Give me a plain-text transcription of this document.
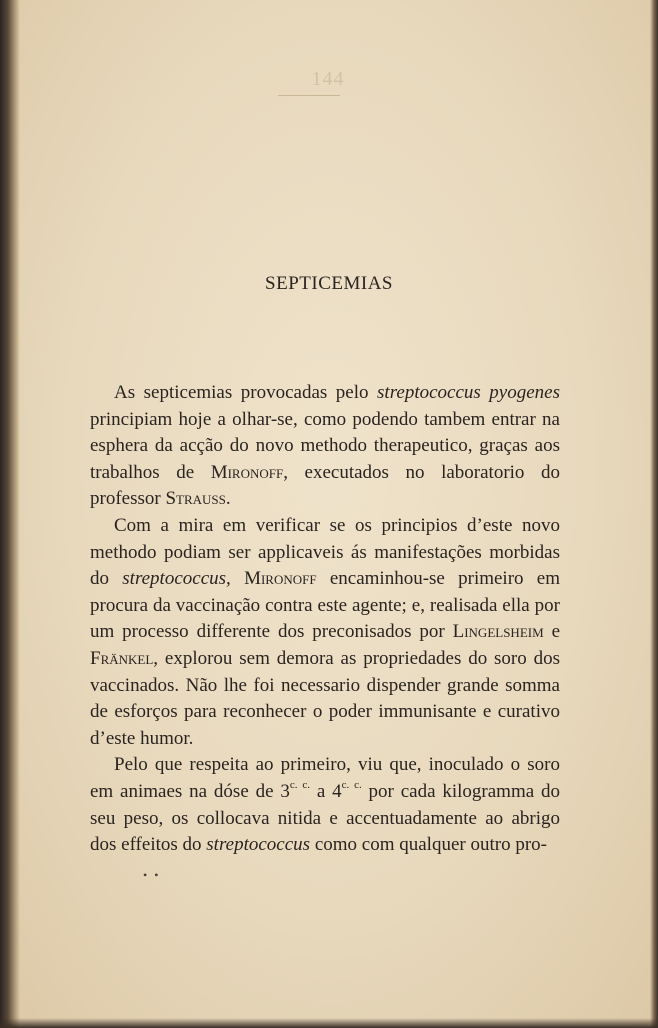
144
SEPTICEMIAS

As septicemias provocadas pelo streptococcus pyogenes principiam hoje a olhar-se, como podendo tambem entrar na esphera da acção do novo methodo therapeutico, graças aos trabalhos de Mironoff, executados no laboratorio do professor Strauss.

Com a mira em verificar se os principios d’este novo methodo podiam ser applicaveis ás manifestações morbidas do streptococcus, Mironoff encaminhou-se primeiro em procura da vaccinação contra este agente; e, realisada ella por um processo differente dos preconisados por Lingelsheim e Fränkel, explorou sem demora as propriedades do soro dos vaccinados. Não lhe foi necessario dispender grande somma de esforços para reconhecer o poder immunisante e curativo d’este humor.

Pelo que respeita ao primeiro, viu que, inoculado o soro em animaes na dóse de $3^{c. c.}$ a $4^{c. c.}$ por cada kilogramma do seu peso, os collocava nitida e accentuadamente ao abrigo dos effeitos do streptococcus como com qualquer outro pro-

• •
